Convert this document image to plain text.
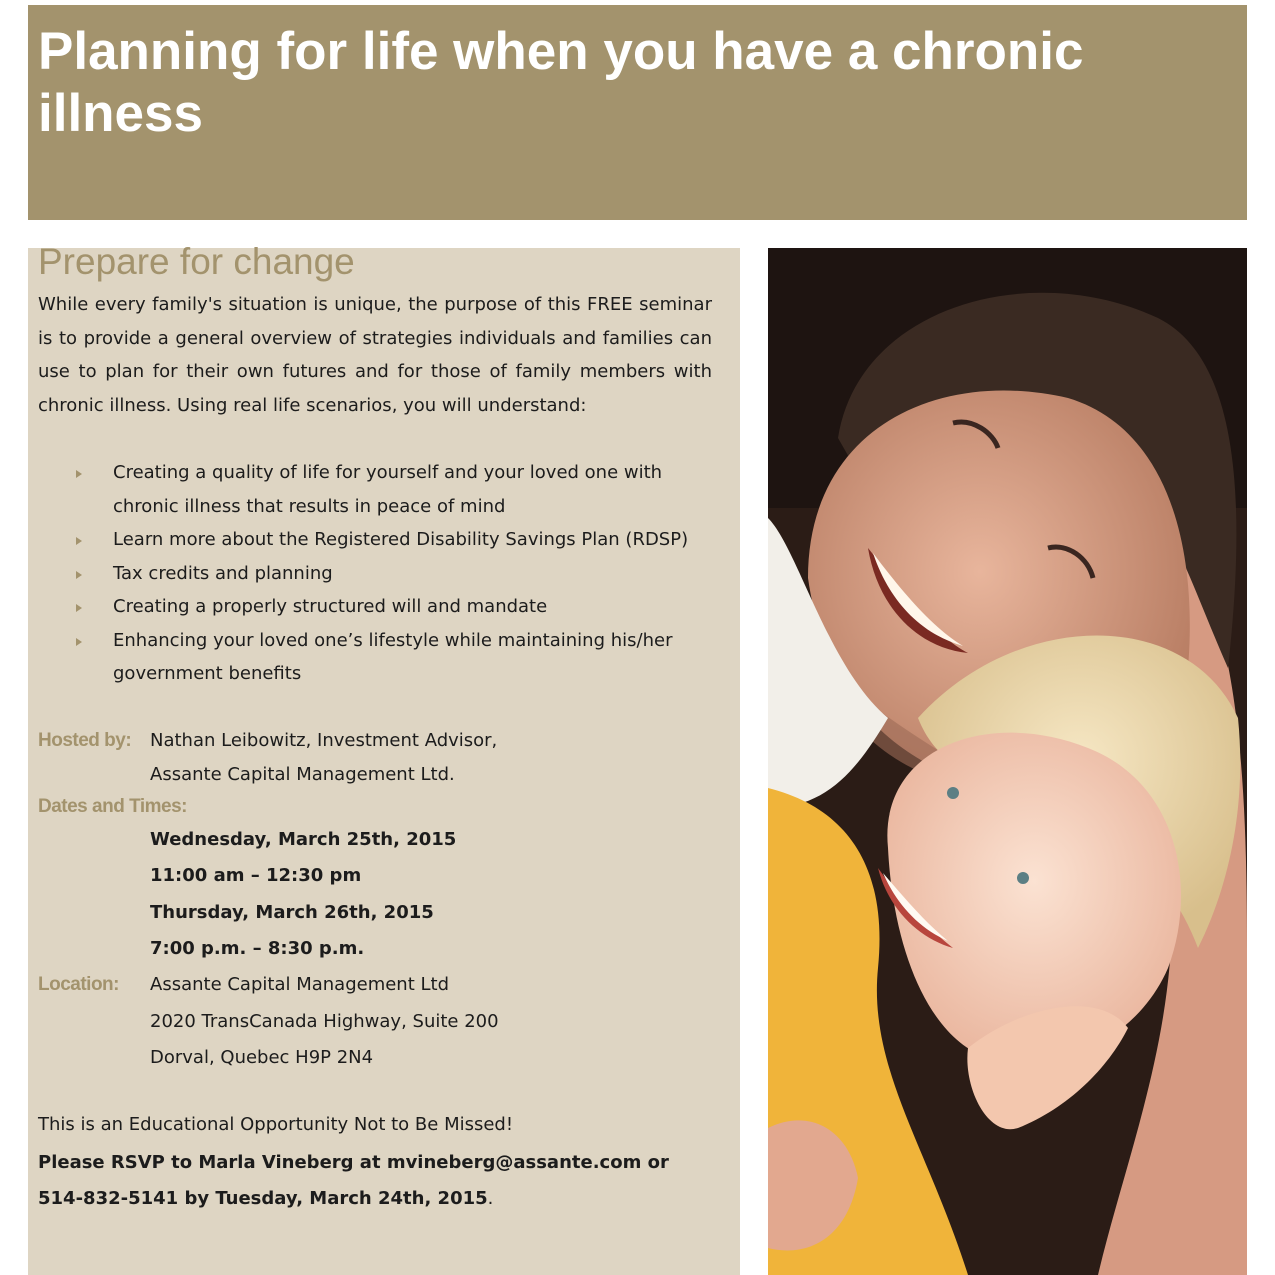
Planning for life when you have a chronic illness
Prepare for change

While every family's situation is unique, the purpose of this FREE seminar is to provide a general overview of strategies individuals and families can use to plan for their own futures and for those of family members with chronic illness. Using real life scenarios, you will understand:

Creating a quality of life for yourself and your loved one with chronic illness that results in peace of mind
Learn more about the Registered Disability Savings Plan (RDSP)
Tax credits and planning
Creating a properly structured will and mandate
Enhancing your loved one’s lifestyle while maintaining his/her government benefits
Hosted by: Nathan Leibowitz, Investment Advisor,
Assante Capital Management Ltd.
Dates and Times:
Wednesday, March 25th, 2015
11:00 am – 12:30 pm
Thursday, March 26th, 2015
7:00 p.m. – 8:30 p.m.
Location: Assante Capital Management Ltd
2020 TransCanada Highway, Suite 200
Dorval, Quebec H9P 2N4
This is an Educational Opportunity Not to Be Missed!
Please RSVP to Marla Vineberg at mvineberg@assante.com or 514-832-5141 by Tuesday, March 24th, 2015.
